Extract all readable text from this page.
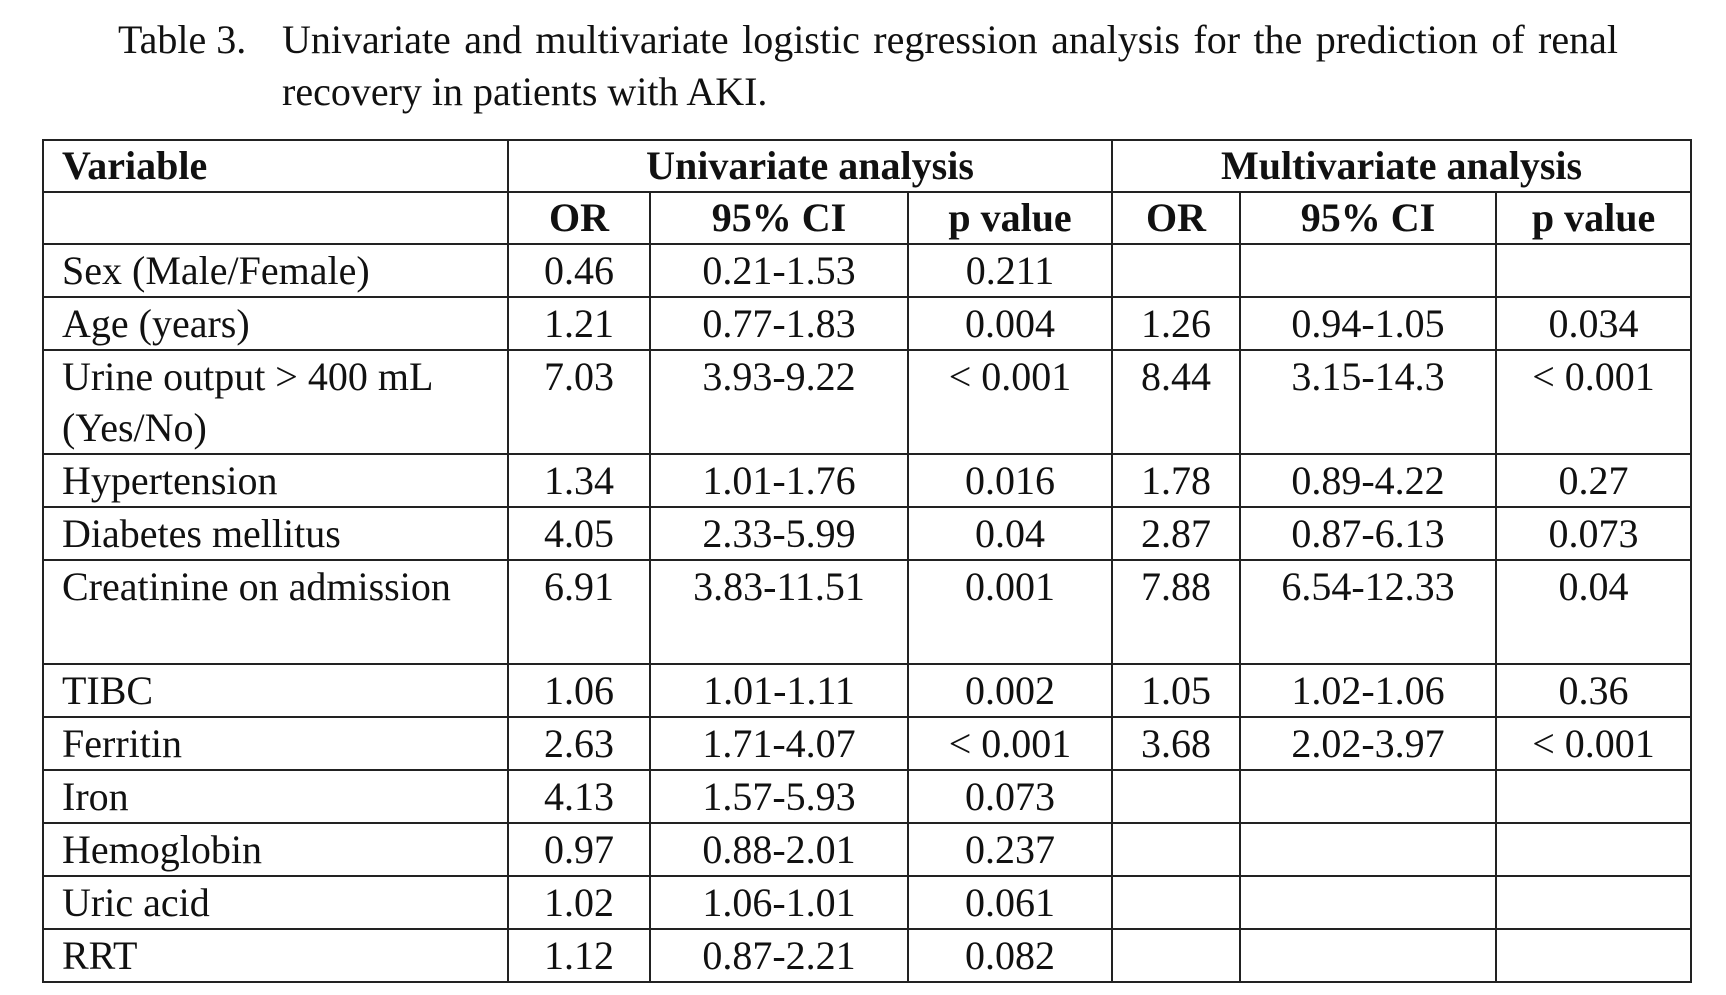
Table 3. Univariate and multivariate logistic regression analysis for the prediction of renal recovery in patients with AKI.
Variable	Univariate analysis			Multivariate analysis		
	OR	95% CI	p value	OR	95% CI	p value
Sex (Male/Female)	0.46	0.21-1.53	0.211			
Age (years)	1.21	0.77-1.83	0.004	1.26	0.94-1.05	0.034
Urine output > 400 mL (Yes/No)	7.03	3.93-9.22	< 0.001	8.44	3.15-14.3	< 0.001
Hypertension	1.34	1.01-1.76	0.016	1.78	0.89-4.22	0.27
Diabetes mellitus	4.05	2.33-5.99	0.04	2.87	0.87-6.13	0.073
Creatinine on admission	6.91	3.83-11.51	0.001	7.88	6.54-12.33	0.04
TIBC	1.06	1.01-1.11	0.002	1.05	1.02-1.06	0.36
Ferritin	2.63	1.71-4.07	< 0.001	3.68	2.02-3.97	< 0.001
Iron	4.13	1.57-5.93	0.073			
Hemoglobin	0.97	0.88-2.01	0.237			
Uric acid	1.02	1.06-1.01	0.061			
RRT	1.12	0.87-2.21	0.082			
